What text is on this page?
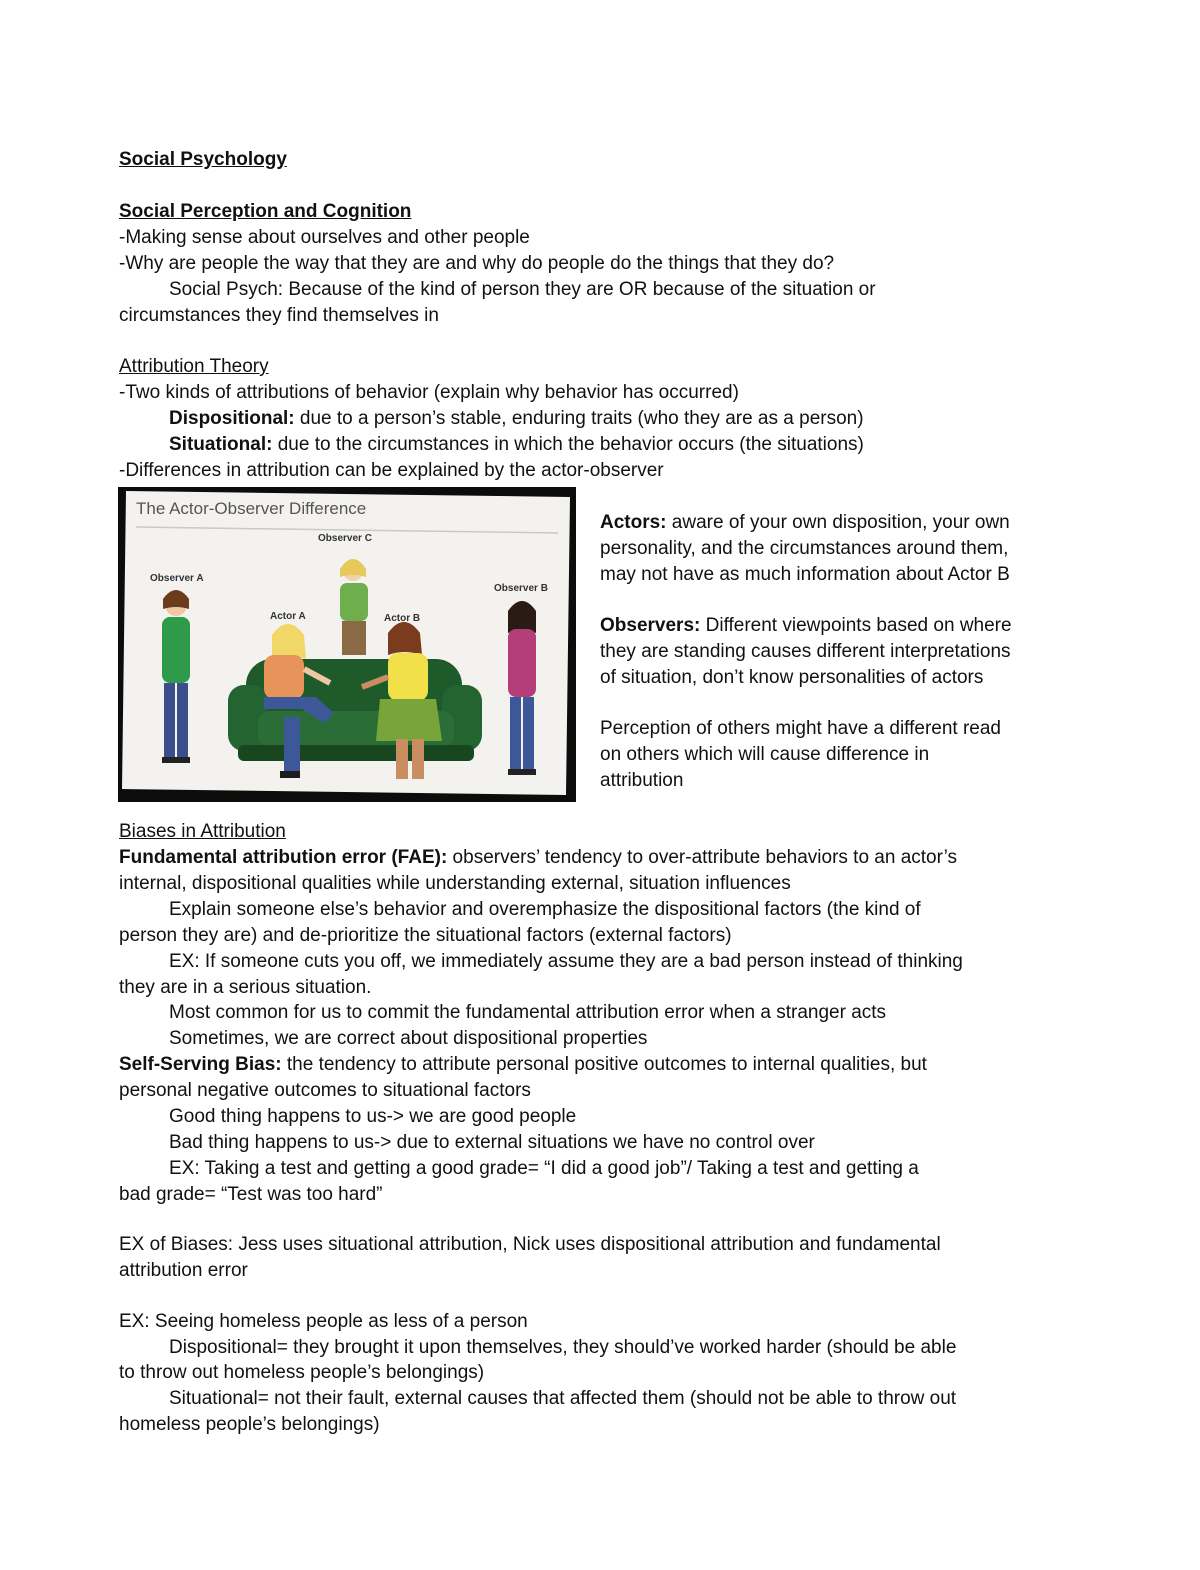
Social Psychology
Social Perception and Cognition
-Making sense about ourselves and other people
-Why are people the way that they are and why do people do the things that they do?
Social Psych: Because of the kind of person they are OR because of the situation or
circumstances they find themselves in
Attribution Theory
-Two kinds of attributions of behavior (explain why behavior has occurred)
Dispositional: due to a person’s stable, enduring traits (who they are as a person)
Situational: due to the circumstances in which the behavior occurs (the situations)
-Differences in attribution can be explained by the actor-observer
The Actor-Observer Difference
Observer A
Observer C
Actor A	Actor B
Observer B
Actors: aware of your own disposition, your own
personality, and the circumstances around them,
may not have as much information about Actor B
Observers: Different viewpoints based on where
they are standing causes different interpretations
of situation, don’t know personalities of actors
Perception of others might have a different read
on others which will cause difference in
attribution
Biases in Attribution
Fundamental attribution error (FAE): observers’ tendency to over-attribute behaviors to an actor’s
internal, dispositional qualities while understanding external, situation influences
Explain someone else’s behavior and overemphasize the dispositional factors (the kind of
person they are) and de-prioritize the situational factors (external factors)
EX: If someone cuts you off, we immediately assume they are a bad person instead of thinking
they are in a serious situation.
Most common for us to commit the fundamental attribution error when a stranger acts
Sometimes, we are correct about dispositional properties
Self-Serving Bias: the tendency to attribute personal positive outcomes to internal qualities, but
personal negative outcomes to situational factors
Good thing happens to us-> we are good people
Bad thing happens to us-> due to external situations we have no control over
EX: Taking a test and getting a good grade= “I did a good job”/ Taking a test and getting a
bad grade= “Test was too hard”
EX of Biases: Jess uses situational attribution, Nick uses dispositional attribution and fundamental
attribution error
EX: Seeing homeless people as less of a person
Dispositional= they brought it upon themselves, they should’ve worked harder (should be able
to throw out homeless people’s belongings)
Situational= not their fault, external causes that affected them (should not be able to throw out
homeless people’s belongings)
